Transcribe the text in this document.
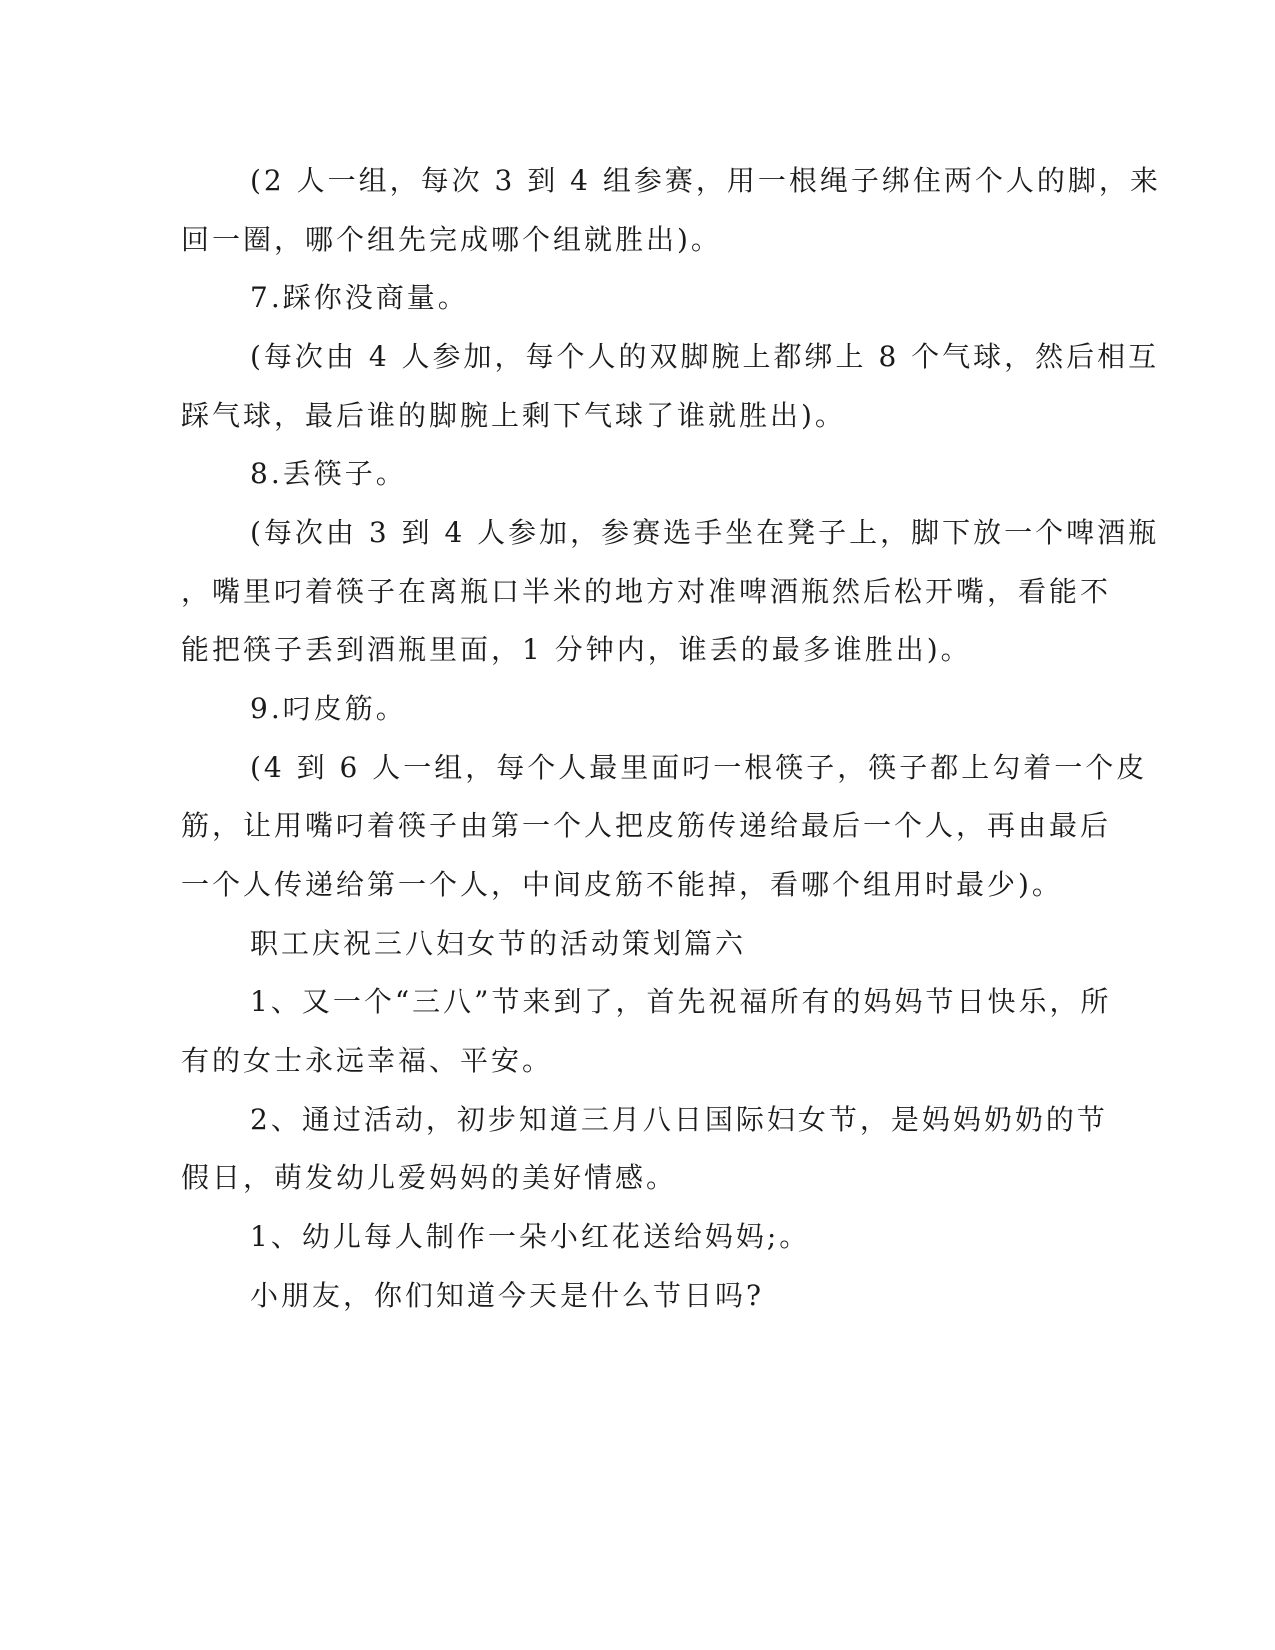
(2 人一组，每次 3 到 4 组参赛，用一根绳子绑住两个人的脚，来
回一圈，哪个组先完成哪个组就胜出)。
7.踩你没商量。
(每次由 4 人参加，每个人的双脚腕上都绑上 8 个气球，然后相互
踩气球，最后谁的脚腕上剩下气球了谁就胜出)。
8.丢筷子。
(每次由 3 到 4 人参加，参赛选手坐在凳子上，脚下放一个啤酒瓶
，嘴里叼着筷子在离瓶口半米的地方对准啤酒瓶然后松开嘴，看能不
能把筷子丢到酒瓶里面，1 分钟内，谁丢的最多谁胜出)。
9.叼皮筋。
(4 到 6 人一组，每个人最里面叼一根筷子，筷子都上勾着一个皮
筋，让用嘴叼着筷子由第一个人把皮筋传递给最后一个人，再由最后
一个人传递给第一个人，中间皮筋不能掉，看哪个组用时最少)。
职工庆祝三八妇女节的活动策划篇六
1、又一个“三八”节来到了，首先祝福所有的妈妈节日快乐，所
有的女士永远幸福、平安。
2、通过活动，初步知道三月八日国际妇女节，是妈妈奶奶的节
假日，萌发幼儿爱妈妈的美好情感。
1、幼儿每人制作一朵小红花送给妈妈;。
小朋友，你们知道今天是什么节日吗?
